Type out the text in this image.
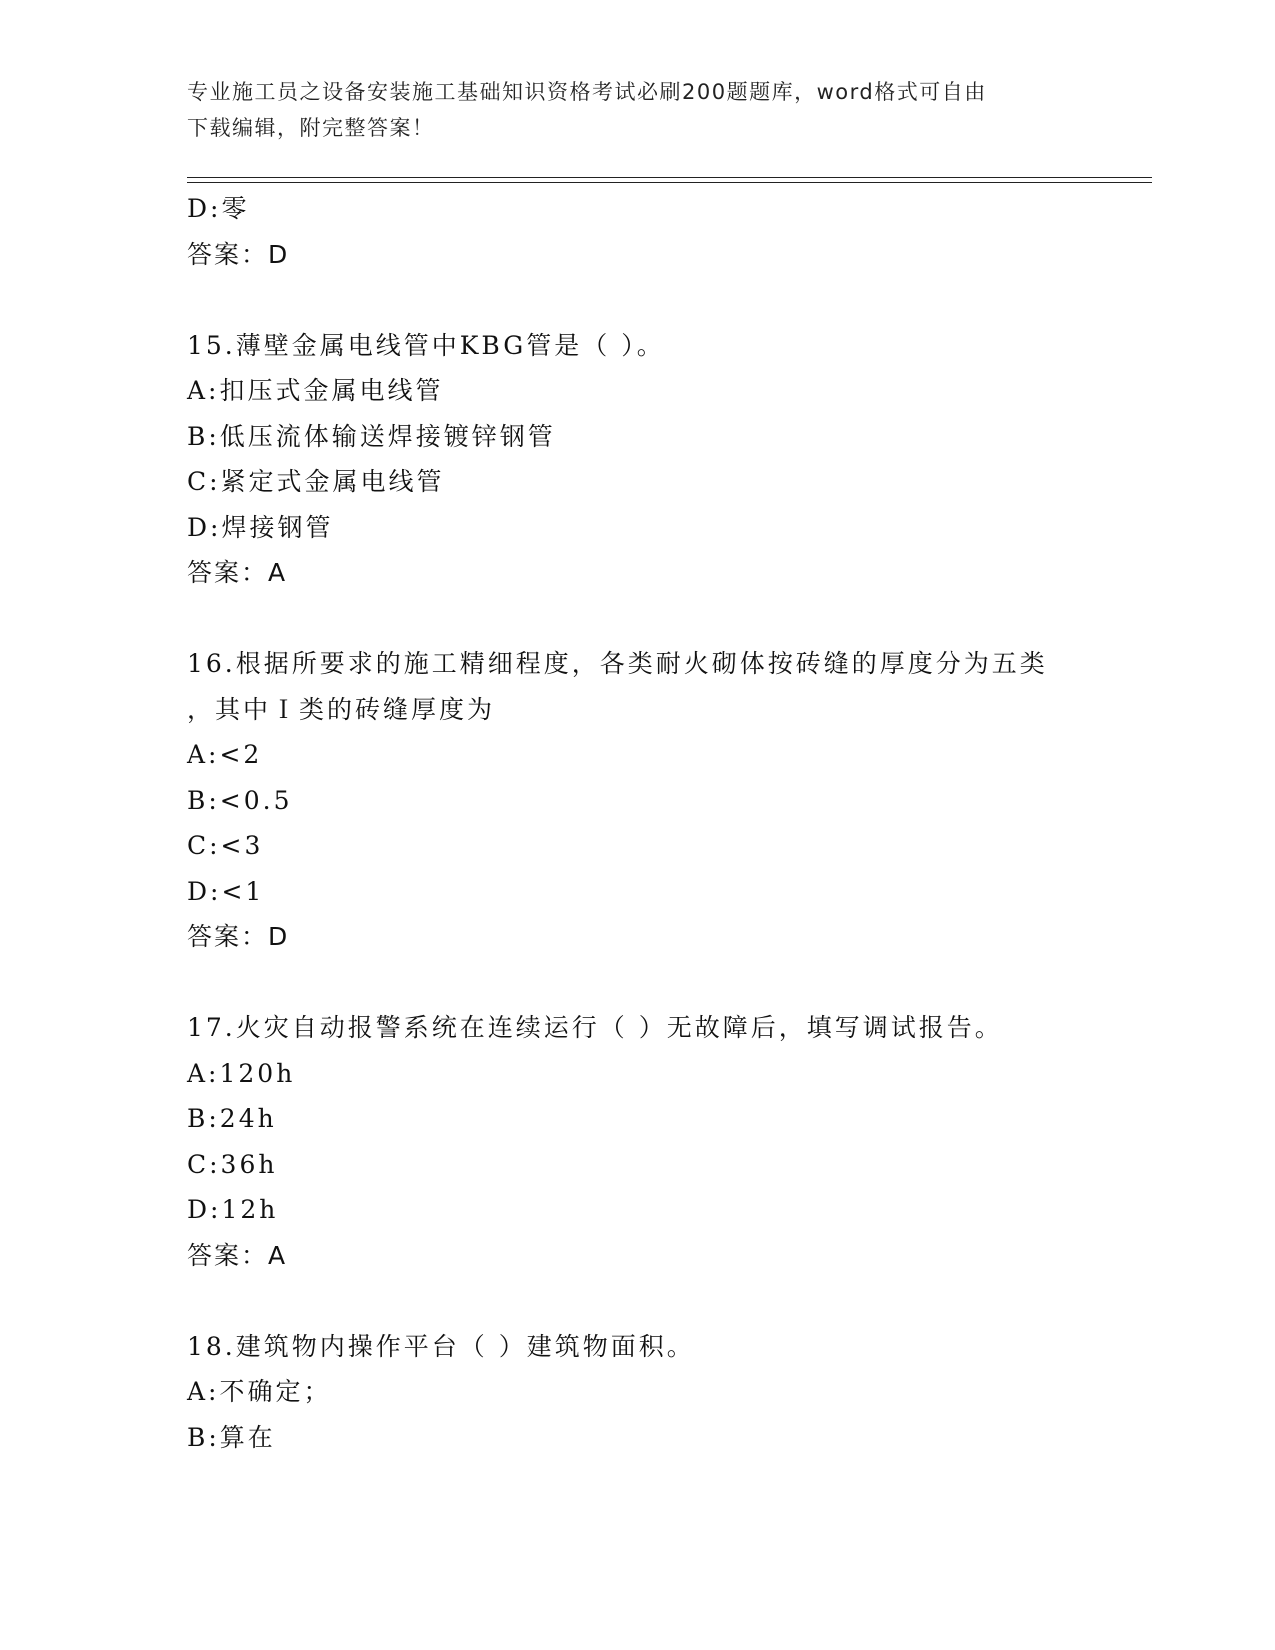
专业施工员之设备安装施工基础知识资格考试必刷200题题库，word格式可自由
下载编辑，附完整答案！
D:零
答案：D
15.薄壁金属电线管中KBG管是（ ）。
A:扣压式金属电线管
B:低压流体输送焊接镀锌钢管
C:紧定式金属电线管
D:焊接钢管
答案：A
16.根据所要求的施工精细程度，各类耐火砌体按砖缝的厚度分为五类
，其中Ｉ类的砖缝厚度为
A:<2
B:<0.5
C:<3
D:<1
答案：D
17.火灾自动报警系统在连续运行（ ）无故障后，填写调试报告。
A:120h
B:24h
C:36h
D:12h
答案：A
18.建筑物内操作平台（ ）建筑物面积。
A:不确定；
B:算在
